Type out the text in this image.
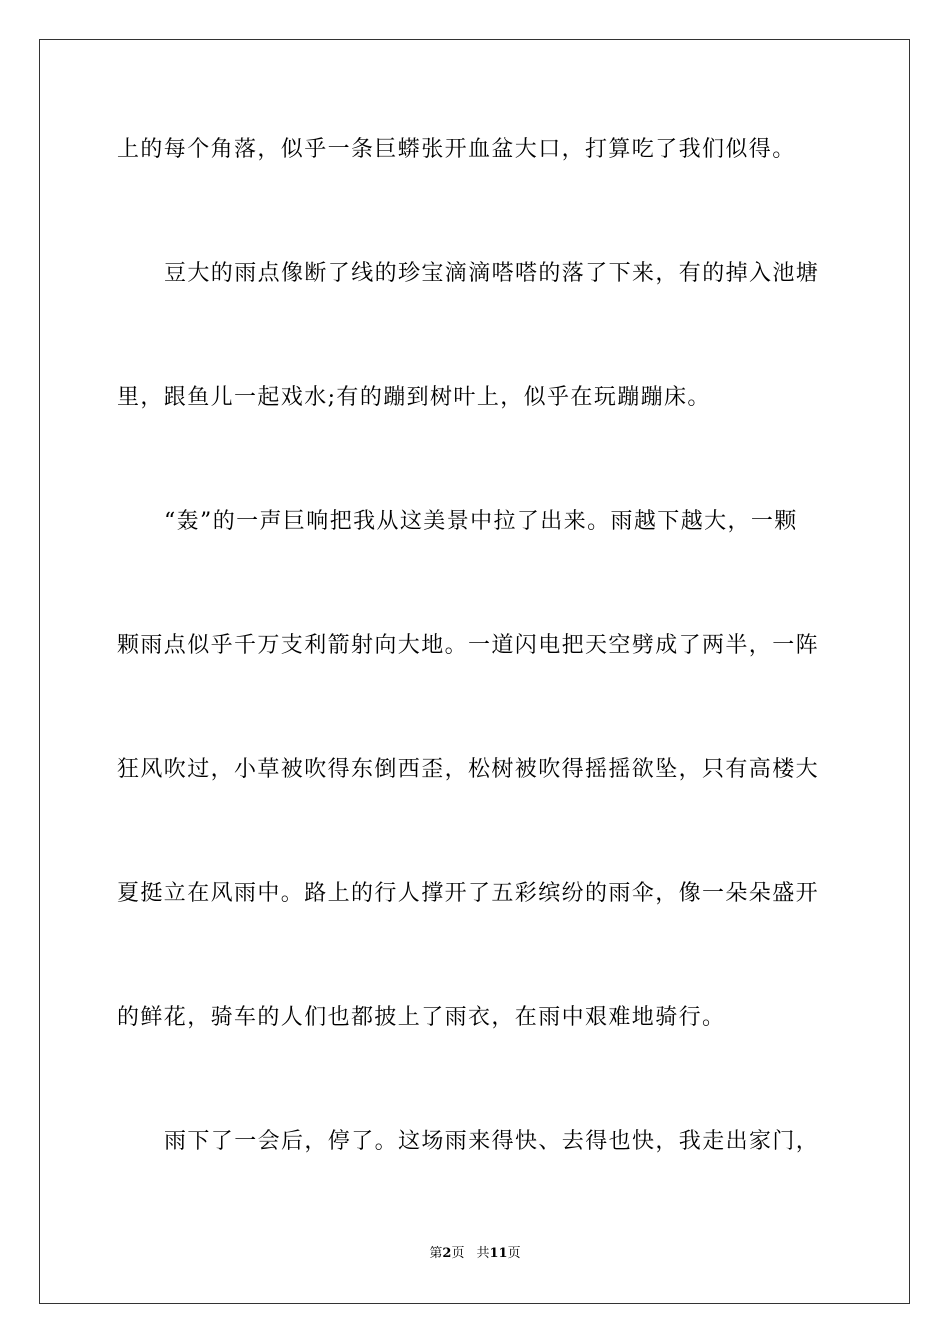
上的每个角落，似乎一条巨蟒张开血盆大口，打算吃了我们似得。
豆大的雨点像断了线的珍宝滴滴嗒嗒的落了下来，有的掉入池塘
里，跟鱼儿一起戏水;有的蹦到树叶上，似乎在玩蹦蹦床。
“轰”的一声巨响把我从这美景中拉了出来。雨越下越大，一颗
颗雨点似乎千万支利箭射向大地。一道闪电把天空劈成了两半，一阵
狂风吹过，小草被吹得东倒西歪，松树被吹得摇摇欲坠，只有高楼大
夏挺立在风雨中。路上的行人撑开了五彩缤纷的雨伞，像一朵朵盛开
的鲜花，骑车的人们也都披上了雨衣，在雨中艰难地骑行。
雨下了一会后，停了。这场雨来得快、去得也快，我走出家门，
第2页 共11页
